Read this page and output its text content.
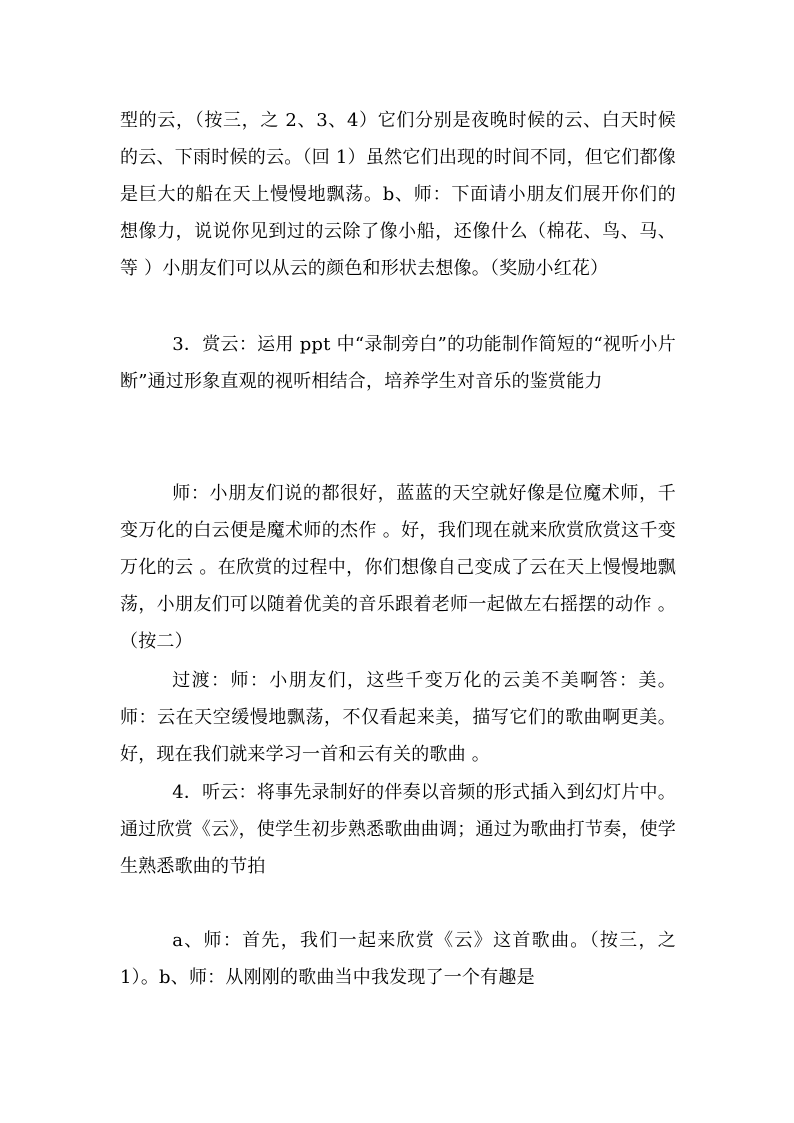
型的云，（按三，之 2、3、4）它们分别是夜晚时候的云、白天时候的云、下雨时候的云。（回 1）虽然它们出现的时间不同，但它们都像是巨大的船在天上慢慢地飘荡。b、师：下面请小朋友们展开你们的想像力，说说你见到过的云除了像小船，还像什么（棉花、鸟、马、等 ）小朋友们可以从云的颜色和形状去想像。（奖励小红花）

3．赏云：运用 ppt 中“录制旁白”的功能制作简短的“视听小片断”通过形象直观的视听相结合，培养学生对音乐的鉴赏能力

师：小朋友们说的都很好，蓝蓝的天空就好像是位魔术师，千变万化的白云便是魔术师的杰作 。好，我们现在就来欣赏欣赏这千变万化的云 。在欣赏的过程中，你们想像自己变成了云在天上慢慢地飘荡，小朋友们可以随着优美的音乐跟着老师一起做左右摇摆的动作 。（按二）

过渡：师：小朋友们，这些千变万化的云美不美啊答：美。师：云在天空缓慢地飘荡，不仅看起来美，描写它们的歌曲啊更美。好，现在我们就来学习一首和云有关的歌曲 。

4．听云：将事先录制好的伴奏以音频的形式插入到幻灯片中。通过欣赏《云》，使学生初步熟悉歌曲曲调；通过为歌曲打节奏，使学生熟悉歌曲的节拍

a、师：首先，我们一起来欣赏《云》这首歌曲。（按三，之 1）。b、师：从刚刚的歌曲当中我发现了一个有趣是
